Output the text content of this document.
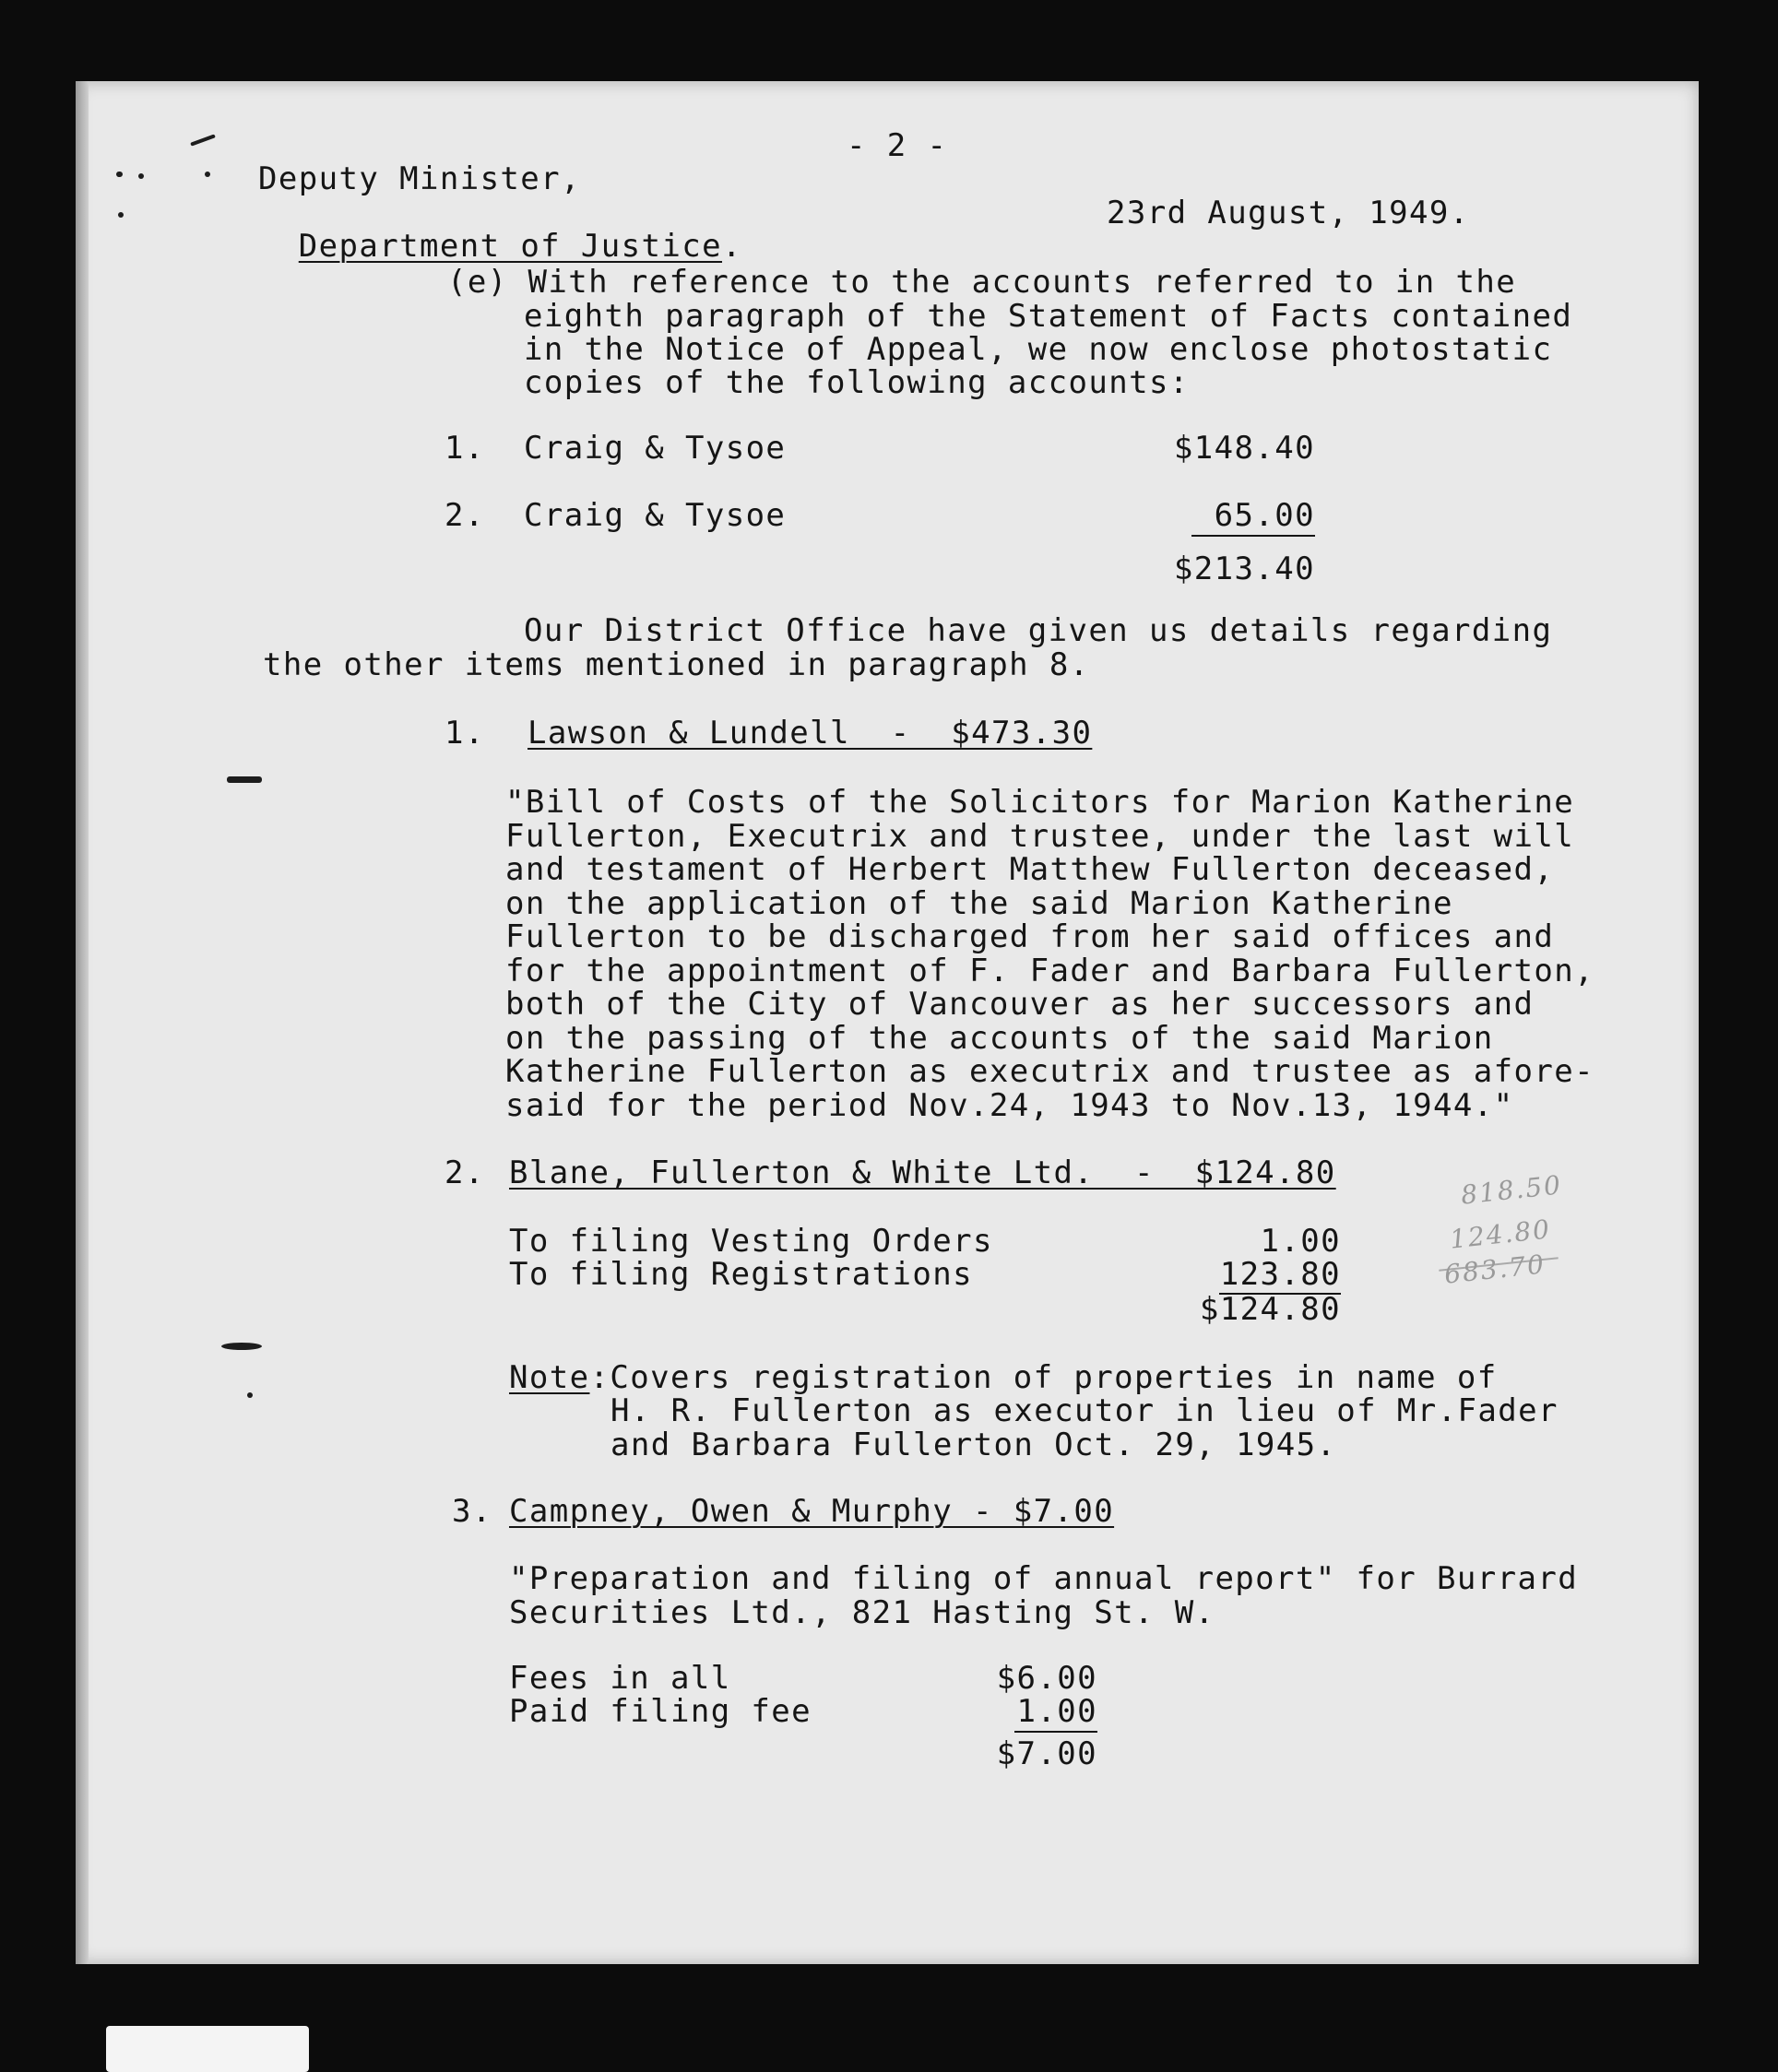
- 2 -
Deputy Minister,

Department of Justice.

23rd August, 1949.
(e) With reference to the accounts referred to in the
eighth paragraph of the Statement of Facts contained
in the Notice of Appeal, we now enclose photostatic
copies of the following accounts:
1. Craig & Tysoe	$148.40
2. Craig & Tysoe	65.00
$213.40
Our District Office have given us details regarding
the other items mentioned in paragraph 8.
1. Lawson & Lundell  -  $473.30
"Bill of Costs of the Solicitors for Marion Katherine
Fullerton, Executrix and trustee, under the last will
and testament of Herbert Matthew Fullerton deceased,
on the application of the said Marion Katherine
Fullerton to be discharged from her said offices and
for the appointment of F. Fader and Barbara Fullerton,
both of the City of Vancouver as her successors and
on the passing of the accounts of the said Marion
Katherine Fullerton as executrix and trustee as afore-
said for the period Nov.24, 1943 to Nov.13, 1944."
2. Blane, Fullerton & White Ltd.  -  $124.80
To filing Vesting Orders	1.00
To filing Registrations	123.80
$124.80
Note:Covers registration of properties in name of
H. R. Fullerton as executor in lieu of Mr.Fader
and Barbara Fullerton Oct. 29, 1945.
3. Campney, Owen & Murphy - $7.00
"Preparation and filing of annual report" for Burrard
Securities Ltd., 821 Hasting St. W.
Fees in all	$6.00
Paid filing fee	1.00
$7.00
818.50
124.80
683.70
